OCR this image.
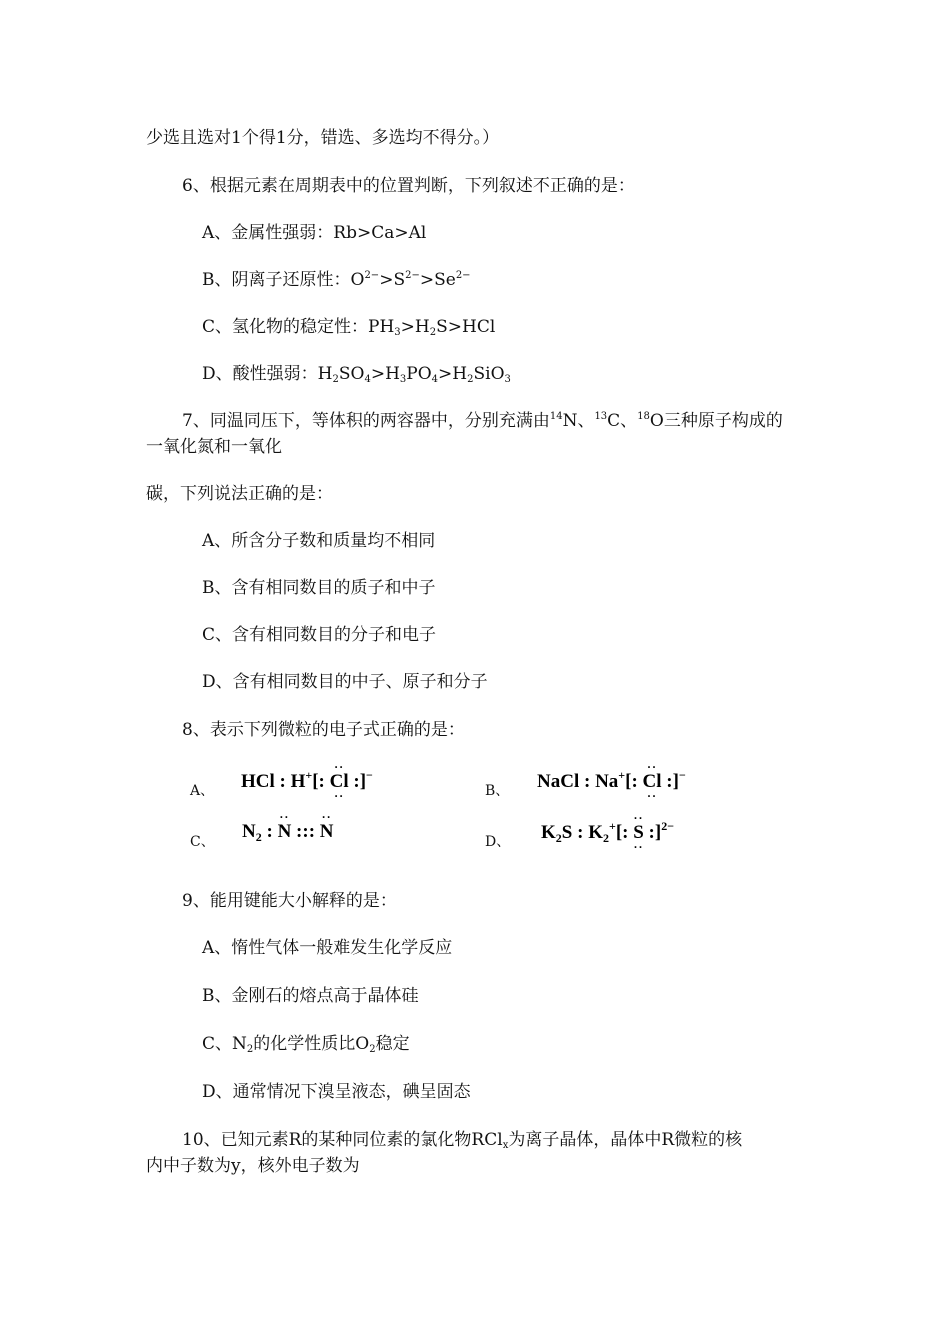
少选且选对1个得1分，错选、多选均不得分。）
6、根据元素在周期表中的位置判断，下列叙述不正确的是：
A、金属性强弱：Rb>Ca>Al
B、阴离子还原性：$O^{2-}>S^{2-}>Se^{2-}$
C、氢化物的稳定性：$PH_3>H_2S>HCl$
D、酸性强弱：$H_2SO_4>H_3PO_4>H_2SiO_3$
7、同温同压下，等体积的两容器中，分别充满由$^{14}$N、$^{13}$C、$^{18}$O三种原子构成的
一氧化氮和一氧化
碳，下列说法正确的是：
A、所含分子数和质量均不相同
B、含有相同数目的质子和中子
C、含有相同数目的分子和电子
D、含有相同数目的中子、原子和分子
8、表示下列微粒的电子式正确的是：
A、 HCl : H+[: ·· Cl ·· :]−
B、 NaCl : Na+[: ·· Cl ·· :]−
C、 $N_2$ : ·· N ::: ·· N	D、 $K_2S$ : $K_2^+$[: ·· S ·· :]$^{2-}$
9、能用键能大小解释的是：
A、惰性气体一般难发生化学反应
B、金刚石的熔点高于晶体硅
C、$N_2$的化学性质比$O_2$稳定
D、通常情况下溴呈液态，碘呈固态
10、已知元素R的某种同位素的氯化物RCl$_x$为离子晶体，晶体中R微粒的核
内中子数为y，核外电子数为
